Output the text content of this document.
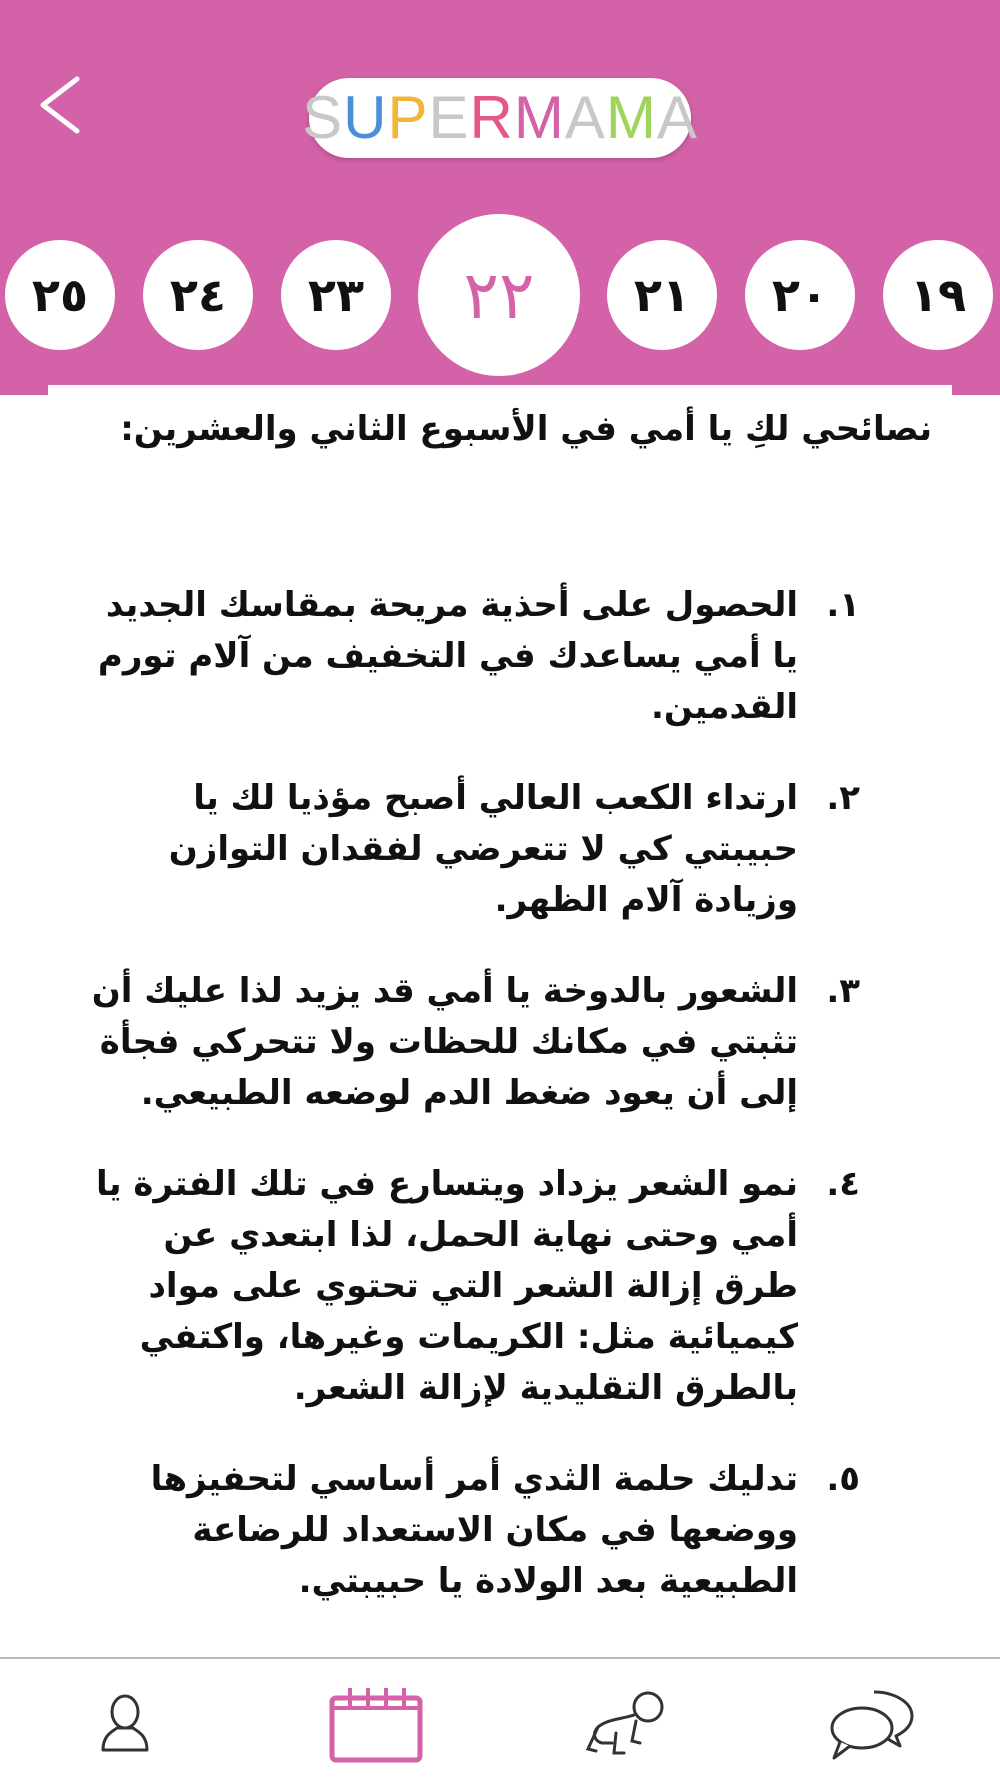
S U P E R M A M A
٢٥	٢٤	٢٣	٢٢	٢١	٢٠	١٩
نصائحي لكِ يا أمي في الأسبوع الثاني والعشرين:
١.
الحصول على أحذية مريحة بمقاسك الجديد يا أمي يساعدك في التخفيف من آلام تورم القدمين.
٢.
ارتداء الكعب العالي أصبح مؤذيا لك يا حبيبتي كي لا تتعرضي لفقدان التوازن وزيادة آلام الظهر.
٣.
الشعور بالدوخة يا أمي قد يزيد لذا عليك أن تثبتي في مكانك للحظات ولا تتحركي فجأة إلى أن يعود ضغط الدم لوضعه الطبيعي.
٤.
نمو الشعر يزداد ويتسارع في تلك الفترة يا أمي وحتى نهاية الحمل، لذا ابتعدي عن طرق إزالة الشعر التي تحتوي على مواد كيميائية مثل: الكريمات وغيرها، واكتفي بالطرق التقليدية لإزالة الشعر.
٥.
تدليك حلمة الثدي أمر أساسي لتحفيزها ووضعها في مكان الاستعداد للرضاعة الطبيعية بعد الولادة يا حبيبتي.
